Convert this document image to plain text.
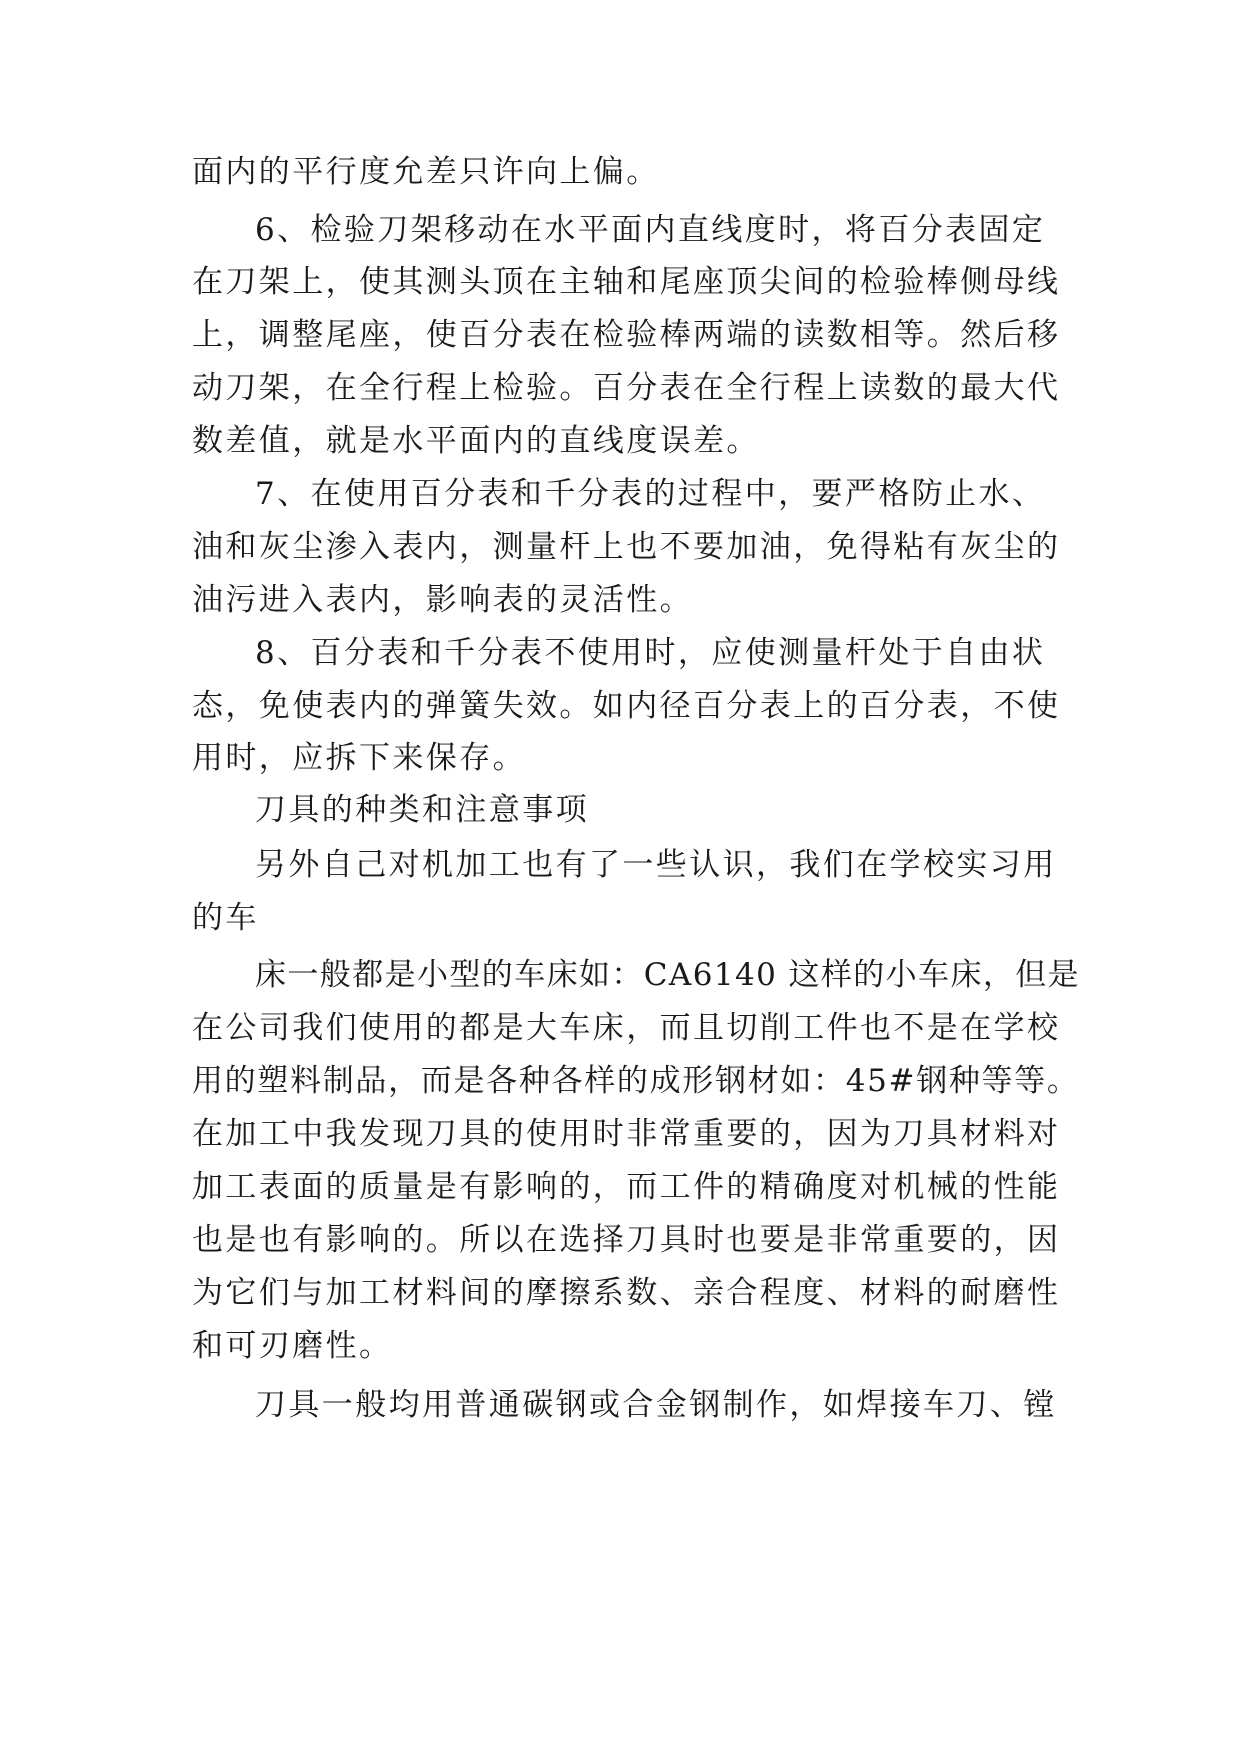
面内的平行度允差只许向上偏。
6、检验刀架移动在水平面内直线度时，将百分表固定
在刀架上，使其测头顶在主轴和尾座顶尖间的检验棒侧母线
上，调整尾座，使百分表在检验棒两端的读数相等。然后移
动刀架，在全行程上检验。百分表在全行程上读数的最大代
数差值，就是水平面内的直线度误差。
7、在使用百分表和千分表的过程中，要严格防止水、
油和灰尘渗入表内，测量杆上也不要加油，免得粘有灰尘的
油污进入表内，影响表的灵活性。
8、百分表和千分表不使用时，应使测量杆处于自由状
态，免使表内的弹簧失效。如内径百分表上的百分表，不使
用时，应拆下来保存。
刀具的种类和注意事项
另外自己对机加工也有了一些认识，我们在学校实习用
的车
床一般都是小型的车床如：CA6140 这样的小车床，但是
在公司我们使用的都是大车床，而且切削工件也不是在学校
用的塑料制品，而是各种各样的成形钢材如：45#钢种等等。
在加工中我发现刀具的使用时非常重要的，因为刀具材料对
加工表面的质量是有影响的，而工件的精确度对机械的性能
也是也有影响的。所以在选择刀具时也要是非常重要的，因
为它们与加工材料间的摩擦系数、亲合程度、材料的耐磨性
和可刃磨性。
刀具一般均用普通碳钢或合金钢制作，如焊接车刀、镗
